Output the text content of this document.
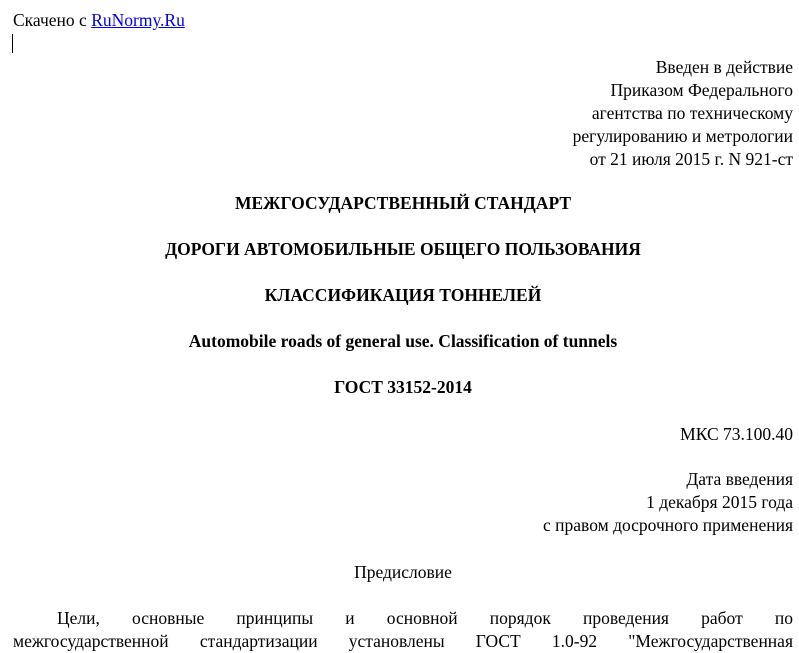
Скачено с RuNormy.Ru
Введен в действие
Приказом Федерального
агентства по техническому
регулированию и метрологии
от 21 июля 2015 г. N 921-ст
МЕЖГОСУДАРСТВЕННЫЙ СТАНДАРТ
ДОРОГИ АВТОМОБИЛЬНЫЕ ОБЩЕГО ПОЛЬЗОВАНИЯ
КЛАССИФИКАЦИЯ ТОННЕЛЕЙ
Automobile roads of general use. Classification of tunnels
ГОСТ 33152-2014
МКС 73.100.40
Дата введения
1 декабря 2015 года
с правом досрочного применения
Предисловие
Цели, основные принципы и основной порядок проведения работ по
межгосударственной стандартизации установлены ГОСТ 1.0-92 "Межгосударственная
